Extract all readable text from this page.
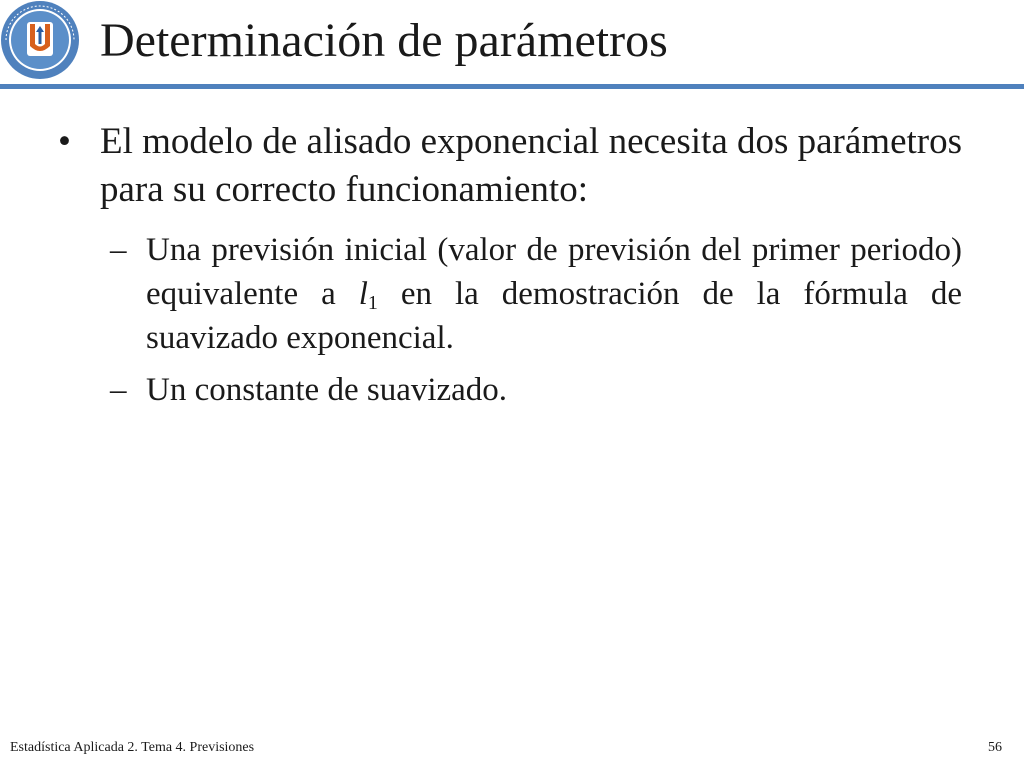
Determinación de parámetros
• El modelo de alisado exponencial necesita dos parámetros para su correcto funcionamiento:
– Una previsión inicial (valor de previsión del primer periodo) equivalente a $l_1$ en la demostración de la fórmula de suavizado exponencial.
– Un constante de suavizado.
Estadística Aplicada 2. Tema 4. Previsiones	56
